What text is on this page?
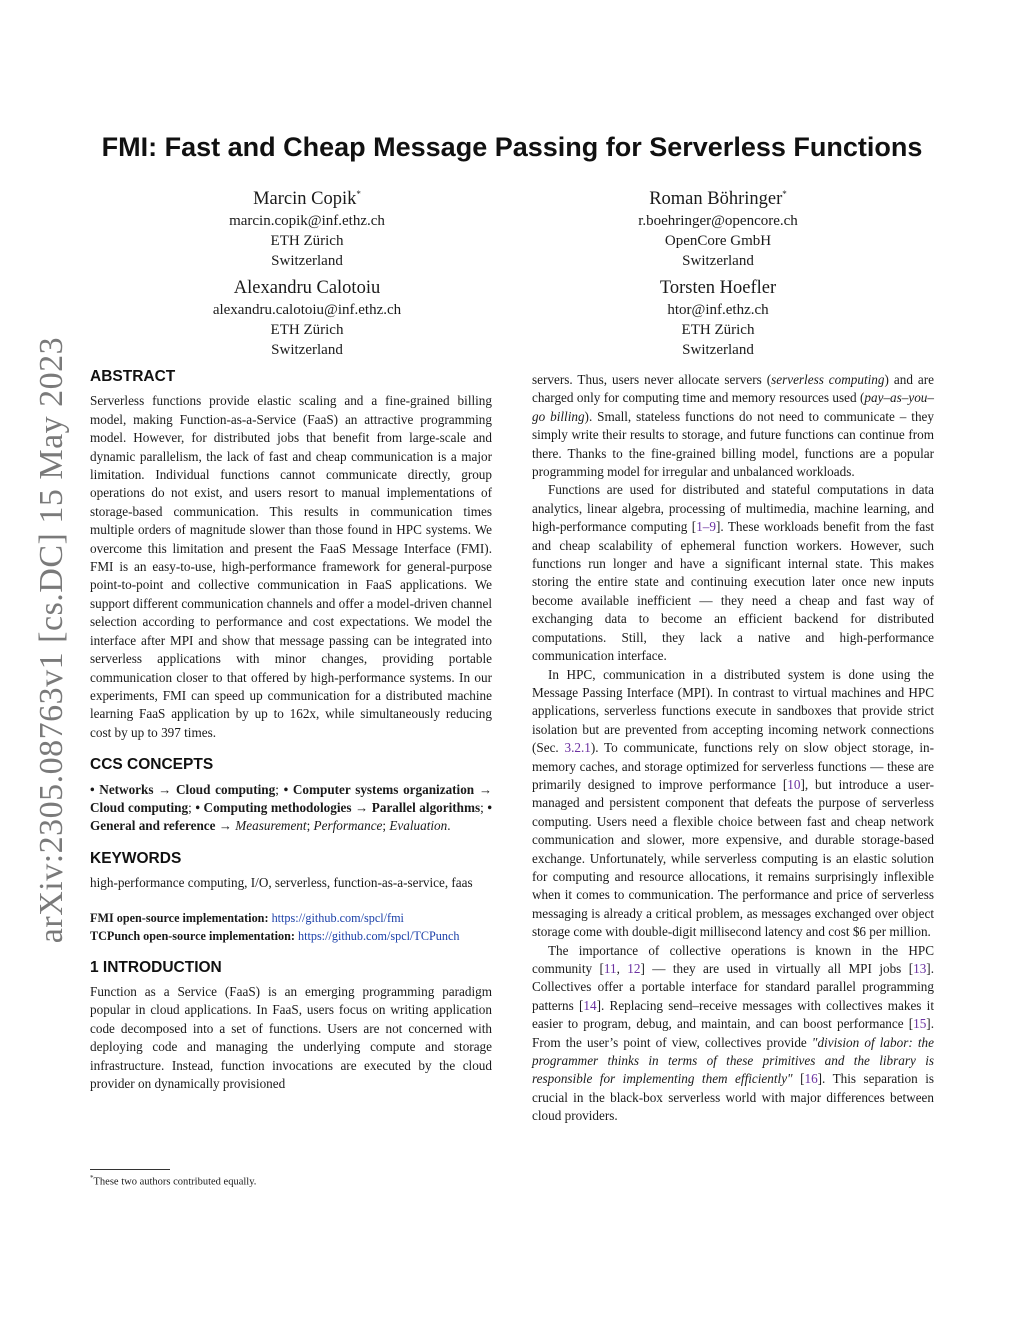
arXiv:2305.08763v1 [cs.DC] 15 May 2023
FMI: Fast and Cheap Message Passing for Serverless Functions
Marcin Copik*
marcin.copik@inf.ethz.ch
ETH Zürich
Switzerland
Roman Böhringer*
r.boehringer@opencore.ch
OpenCore GmbH
Switzerland
Alexandru Calotoiu
alexandru.calotoiu@inf.ethz.ch
ETH Zürich
Switzerland
Torsten Hoefler
htor@inf.ethz.ch
ETH Zürich
Switzerland
ABSTRACT

Serverless functions provide elastic scaling and a fine-grained billing model, making Function-as-a-Service (FaaS) an attractive programming model. However, for distributed jobs that benefit from large-scale and dynamic parallelism, the lack of fast and cheap communication is a major limitation. Individual functions cannot communicate directly, group operations do not exist, and users resort to manual implementations of storage-based communication. This results in communication times multiple orders of magnitude slower than those found in HPC systems. We overcome this limitation and present the FaaS Message Interface (FMI). FMI is an easy-to-use, high-performance framework for general-purpose point-to-point and collective communication in FaaS applications. We support different communication channels and offer a model-driven channel selection according to performance and cost expectations. We model the interface after MPI and show that message passing can be integrated into serverless applications with minor changes, providing portable communication closer to that offered by high-performance systems. In our experiments, FMI can speed up communication for a distributed machine learning FaaS application by up to 162x, while simultaneously reducing cost by up to 397 times.

CCS CONCEPTS

• Networks → Cloud computing; • Computer systems organization → Cloud computing; • Computing methodologies → Parallel algorithms; • General and reference → Measurement; Performance; Evaluation.

KEYWORDS

high-performance computing, I/O, serverless, function-as-a-service, faas

FMI open-source implementation: https://github.com/spcl/fmi
TCPunch open-source implementation: https://github.com/spcl/TCPunch
1 INTRODUCTION

Function as a Service (FaaS) is an emerging programming paradigm popular in cloud applications. In FaaS, users focus on writing application code decomposed into a set of functions. Users are not concerned with deploying code and managing the underlying compute and storage infrastructure. Instead, function invocations are executed by the cloud provider on dynamically provisioned

servers. Thus, users never allocate servers (serverless computing) and are charged only for computing time and memory resources used (pay–as–you–go billing). Small, stateless functions do not need to communicate – they simply write their results to storage, and future functions can continue from there. Thanks to the fine-grained billing model, functions are a popular programming model for irregular and unbalanced workloads.

Functions are used for distributed and stateful computations in data analytics, linear algebra, processing of multimedia, machine learning, and high-performance computing [1–9]. These workloads benefit from the fast and cheap scalability of ephemeral function workers. However, such functions run longer and have a significant internal state. This makes storing the entire state and continuing execution later once new inputs become available inefficient — they need a cheap and fast way of exchanging data to become an efficient backend for distributed computations. Still, they lack a native and high-performance communication interface.

In HPC, communication in a distributed system is done using the Message Passing Interface (MPI). In contrast to virtual machines and HPC applications, serverless functions execute in sandboxes that provide strict isolation but are prevented from accepting incoming network connections (Sec. 3.2.1). To communicate, functions rely on slow object storage, in-memory caches, and storage optimized for serverless functions — these are primarily designed to improve performance [10], but introduce a user-managed and persistent component that defeats the purpose of serverless computing. Users need a flexible choice between fast and cheap network communication and slower, more expensive, and durable storage-based exchange. Unfortunately, while serverless computing is an elastic solution for computing and resource allocations, it remains surprisingly inflexible when it comes to communication. The performance and price of serverless messaging is already a critical problem, as messages exchanged over object storage come with double-digit millisecond latency and cost $6 per million.

The importance of collective operations is known in the HPC community [11, 12] — they are used in virtually all MPI jobs [13]. Collectives offer a portable interface for standard parallel programming patterns [14]. Replacing send–receive messages with collectives makes it easier to program, debug, and maintain, and can boost performance [15]. From the user’s point of view, collectives provide "division of labor: the programmer thinks in terms of these primitives and the library is responsible for implementing them efficiently" [16]. This separation is crucial in the black-box serverless world with major differences between cloud providers.

*These two authors contributed equally.
